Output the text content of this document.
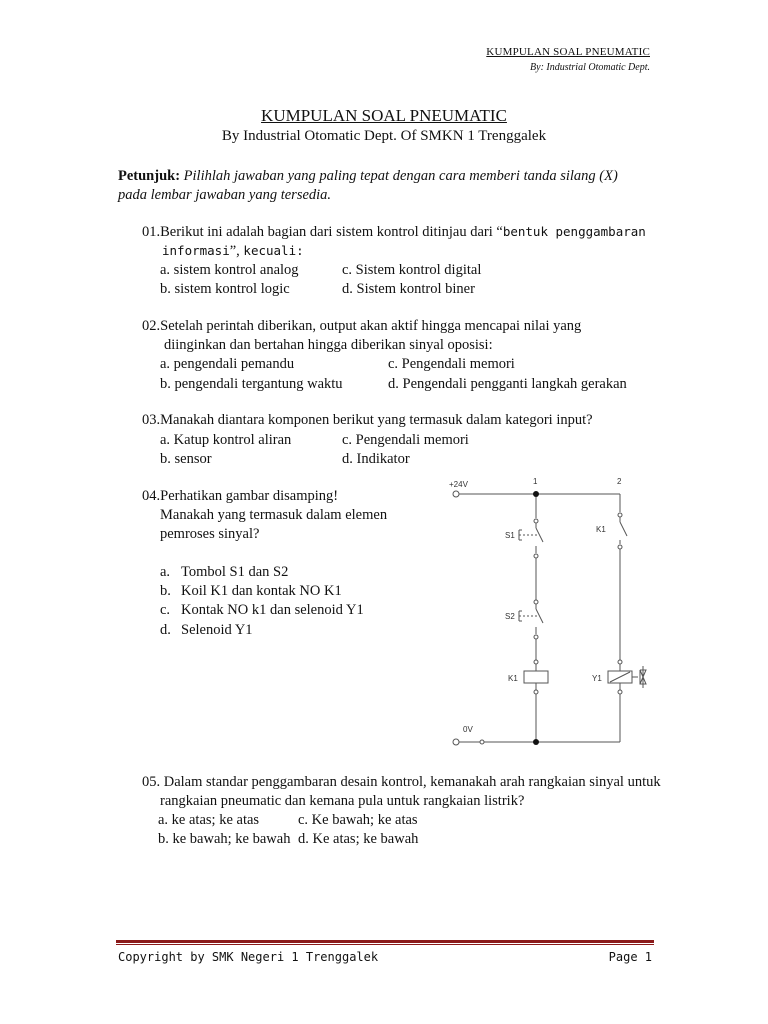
KUMPULAN SOAL PNEUMATIC
By: Industrial Otomatic Dept.
KUMPULAN SOAL PNEUMATIC
By Industrial Otomatic Dept. Of SMKN 1 Trenggalek
Petunjuk: Pilihlah jawaban yang paling tepat dengan cara memberi tanda silang (X)
pada lembar jawaban yang tersedia.
01.Berikut ini adalah bagian dari sistem kontrol ditinjau dari “bentuk penggambaran
informasi”, kecuali:
a. sistem kontrol analog	c. Sistem kontrol digital
b. sistem kontrol logic	d. Sistem kontrol biner
02.Setelah perintah diberikan, output akan aktif hingga mencapai nilai yang
diinginkan dan bertahan hingga diberikan sinyal oposisi:
a. pengendali pemandu	c. Pengendali memori
b. pengendali tergantung waktu	d. Pengendali pengganti langkah gerakan
03.Manakah diantara komponen berikut yang termasuk dalam kategori input?
a. Katup kontrol aliran	c. Pengendali memori
b. sensor	d. Indikator
04.Perhatikan gambar disamping!
Manakah yang termasuk dalam elemen
pemroses sinyal?
a. Tombol S1 dan S2
b. Koil K1 dan kontak NO K1
c. Kontak NO k1 dan selenoid Y1
d. Selenoid Y1
+24V
0V
1	2
S1
S2
K1
K1	Y1
05. Dalam standar penggambaran desain kontrol, kemanakah arah rangkaian sinyal untuk
rangkaian pneumatic dan kemana pula untuk rangkaian listrik?
a. ke atas; ke atas	c. Ke bawah; ke atas
b. ke bawah; ke bawah d. Ke atas; ke bawah
Copyright by SMK Negeri 1 Trenggalek	Page 1
